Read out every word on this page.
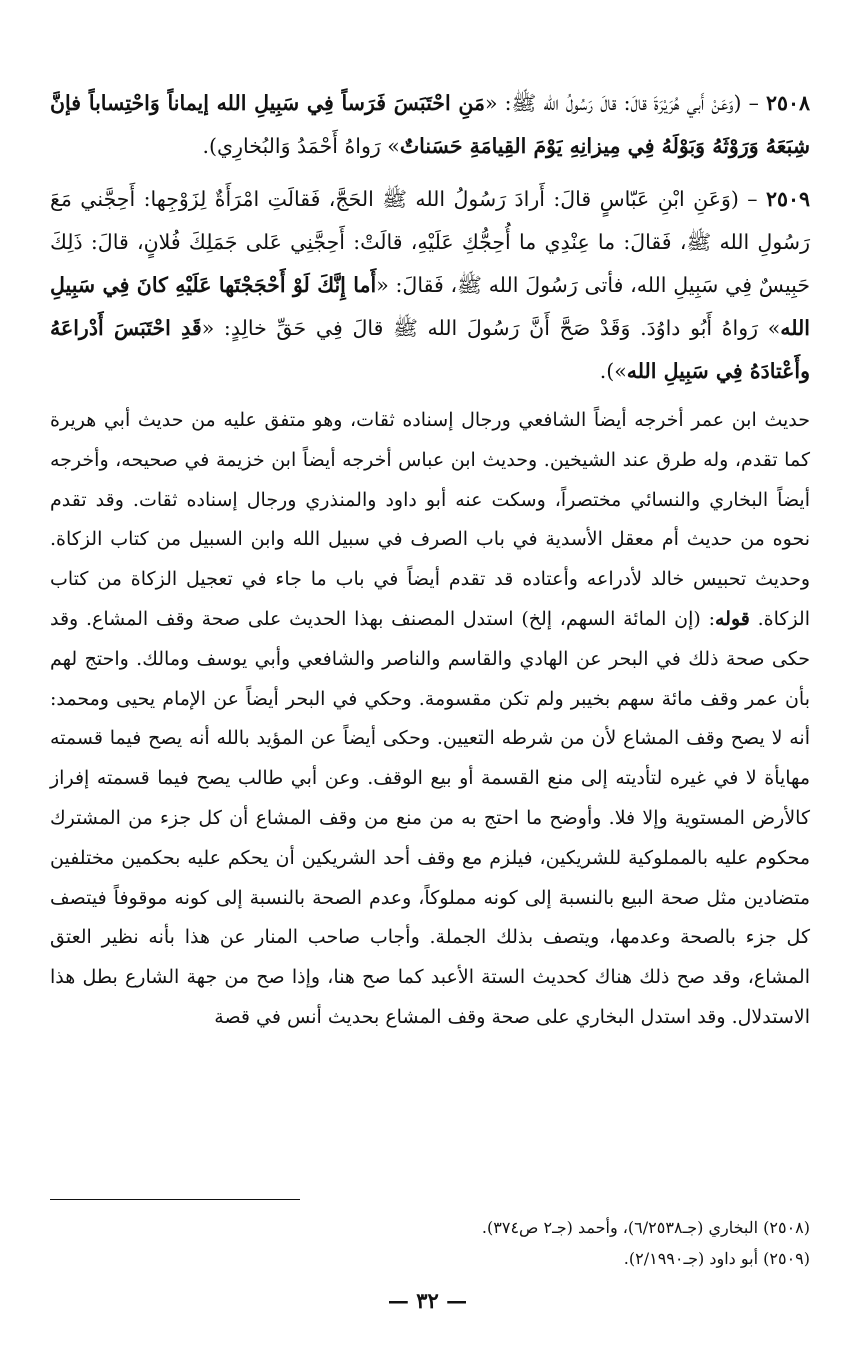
٢٥٠٨ – (وَعَنْ أَبي هُرَيْرَةَ قالَ: قالَ رَسُولُ الله ﷺ: «مَنِ احْتَبَسَ فَرَساً فِي سَبِيلِ الله إيماناً وَاحْتِساباً فإنَّ شِبَعَهُ وَرَوْثَهُ وَبَوْلَهُ فِي مِيزانِهِ يَوْمَ القِيامَةِ حَسَناتٌ» رَواهُ أَحْمَدُ وَالبُخارِي).

٢٥٠٩ – (وَعَنِ ابْنِ عَبّاسٍ قالَ: أَرادَ رَسُولُ الله ﷺ الحَجَّ، فَقالَتِ امْرَأَةٌ لِزَوْجِها: أَحِجَّني مَعَ رَسُولِ الله ﷺ، فَقالَ: ما عِنْدِي ما أُحِجُّكِ عَلَيْهِ، قالَتْ: أَحِجَّنِي عَلى جَمَلِكَ فُلانٍ، قالَ: ذَلِكَ حَبِيسٌ فِي سَبِيلِ الله، فأتى رَسُولَ الله ﷺ، فَقالَ: «أَما إِنَّكَ لَوْ أَحْجَجْتَها عَلَيْهِ كانَ فِي سَبِيلِ الله» رَواهُ أَبُو داوُدَ. وَقَدْ صَحَّ أَنَّ رَسُولَ الله ﷺ قالَ فِي حَقِّ خالِدٍ: «قَدِ احْتَبَسَ أَدْراعَهُ وأَعْتادَهُ فِي سَبِيلِ الله»).

حديث ابن عمر أخرجه أيضاً الشافعي ورجال إسناده ثقات، وهو متفق عليه من حديث أبي هريرة كما تقدم، وله طرق عند الشيخين. وحديث ابن عباس أخرجه أيضاً ابن خزيمة في صحيحه، وأخرجه أيضاً البخاري والنسائي مختصراً، وسكت عنه أبو داود والمنذري ورجال إسناده ثقات. وقد تقدم نحوه من حديث أم معقل الأسدية في باب الصرف في سبيل الله وابن السبيل من كتاب الزكاة. وحديث تحبيس خالد لأدراعه وأعتاده قد تقدم أيضاً في باب ما جاء في تعجيل الزكاة من كتاب الزكاة. قوله: (إن المائة السهم، إلخ) استدل المصنف بهذا الحديث على صحة وقف المشاع. وقد حكى صحة ذلك في البحر عن الهادي والقاسم والناصر والشافعي وأبي يوسف ومالك. واحتج لهم بأن عمر وقف مائة سهم بخيبر ولم تكن مقسومة. وحكي في البحر أيضاً عن الإمام يحيى ومحمد: أنه لا يصح وقف المشاع لأن من شرطه التعيين. وحكى أيضاً عن المؤيد بالله أنه يصح فيما قسمته مهايأة لا في غيره لتأديته إلى منع القسمة أو بيع الوقف. وعن أبي طالب يصح فيما قسمته إفراز كالأرض المستوية وإلا فلا. وأوضح ما احتج به من منع من وقف المشاع أن كل جزء من المشترك محكوم عليه بالمملوكية للشريكين، فيلزم مع وقف أحد الشريكين أن يحكم عليه بحكمين مختلفين متضادين مثل صحة البيع بالنسبة إلى كونه مملوكاً، وعدم الصحة بالنسبة إلى كونه موقوفاً فيتصف كل جزء بالصحة وعدمها، ويتصف بذلك الجملة. وأجاب صاحب المنار عن هذا بأنه نظير العتق المشاع، وقد صح ذلك هناك كحديث الستة الأعبد كما صح هنا، وإذا صح من جهة الشارع بطل هذا الاستدلال. وقد استدل البخاري على صحة وقف المشاع بحديث أنس في قصة

(٢٥٠٨) البخاري (جـ٦/٢٥٣٨)، وأحمد (جـ٢ ص٣٧٤).

(٢٥٠٩) أبو داود (جـ٢/١٩٩٠).

— ٣٢ —
